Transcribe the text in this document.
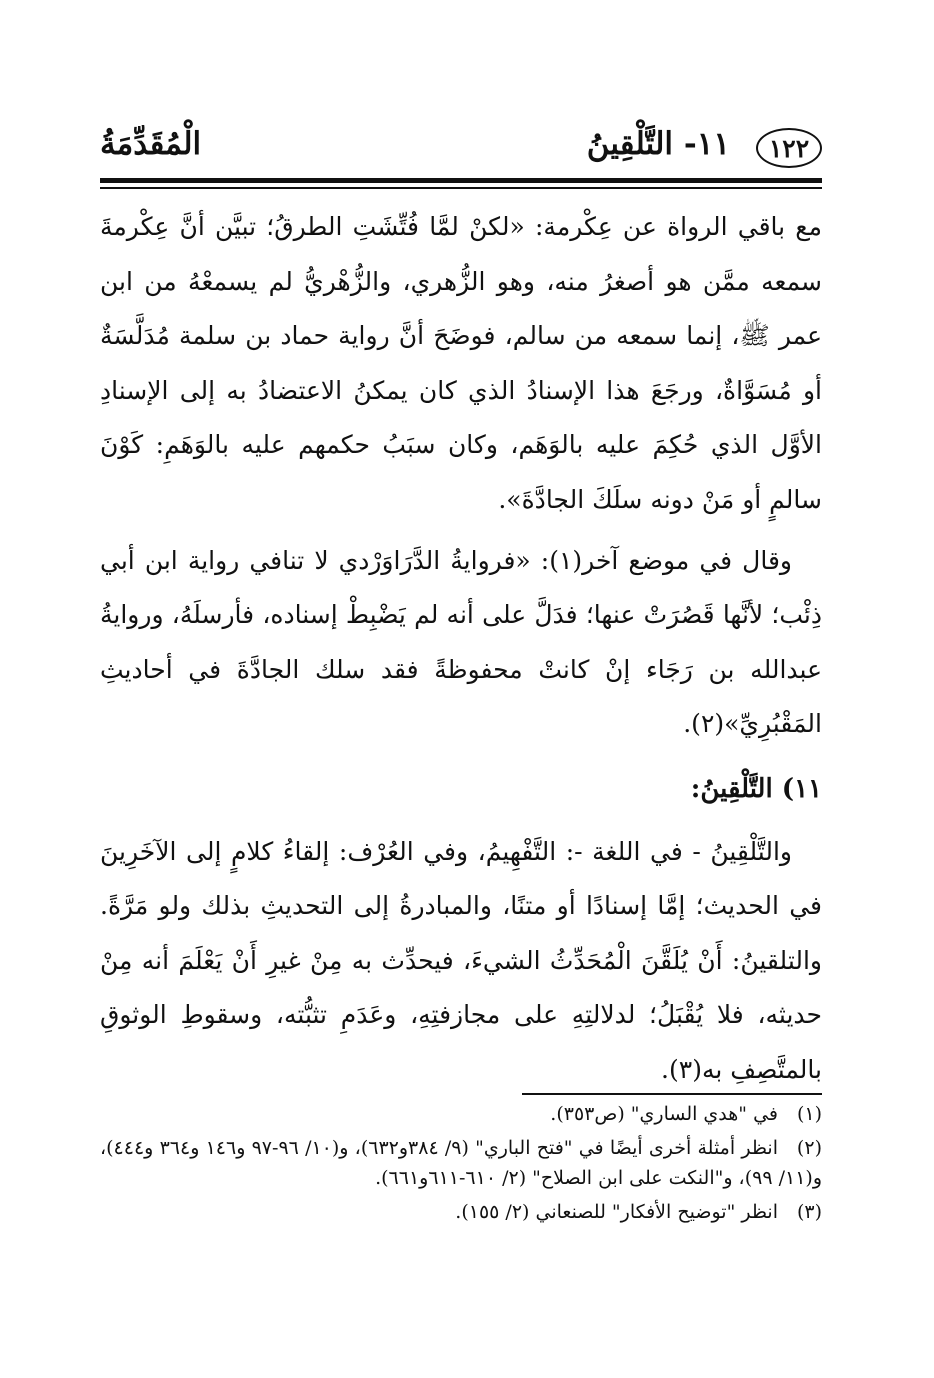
١٢٢
١١- التَّلْقِينُ
الْمُقَدِّمَةُ

مع باقي الرواة عن عِكْرمة: «لكنْ لمَّا فُتِّشَتِ الطرقُ؛ تبيَّن أنَّ عِكْرمةَ سمعه ممَّن هو أصغرُ منه، وهو الزُّهري، والزُّهْريُّ لم يسمعْهُ من ابن عمر ﷺ، إنما سمعه من سالم، فوضَحَ أنَّ رواية حماد بن سلمة مُدَلَّسَةٌ أو مُسَوَّاةٌ، ورجَعَ هذا الإسنادُ الذي كان يمكنُ الاعتضادُ به إلى الإسنادِ الأوَّل الذي حُكِمَ عليه بالوَهَم، وكان سبَبُ حكمهم عليه بالوَهَمِ: كَوْنَ سالمٍ أو مَنْ دونه سلَكَ الجادَّةَ».

وقال في موضع آخر(١): «فروايةُ الدَّرَاوَرْدي لا تنافي رواية ابن أبي ذِئْب؛ لأنَّها قَصُرَتْ عنها؛ فدَلَّ على أنه لم يَضْبِطْ إسناده، فأرسلَهُ، وروايةُ عبدالله بن رَجَاء إنْ كانتْ محفوظةً فقد سلك الجادَّةَ في أحاديثِ المَقْبُرِيِّ»(٢).

١١) التَّلْقِينُ:

والتَّلْقِينُ - في اللغة -: التَّفْهِيمُ، وفي العُرْف: إلقاءُ كلامٍ إلى الآخَرِينَ في الحديث؛ إمَّا إسنادًا أو متنًا، والمبادرةُ إلى التحديثِ بذلك ولو مَرَّةً. والتلقينُ: أَنْ يُلَقَّنَ الْمُحَدِّثُ الشيءَ، فيحدِّث به مِنْ غيرِ أَنْ يَعْلَمَ أنه مِنْ حديثه، فلا يُقْبَلُ؛ لدلالتِهِ على مجازفتِهِ، وعَدَمِ تثبُّته، وسقوطِ الوثوقِ بالمتَّصِفِ به(٣).

(١)في "هدي الساري" (ص٣٥٣).

(٢)انظر أمثلة أخرى أيضًا في "فتح الباري" (٩/ ٣٨٤و٦٣٢)، و(١٠/ ٩٦-٩٧ و١٤٦ و٣٦٤ و٤٤٤)، و(١١/ ٩٩)، و"النكت على ابن الصلاح" (٢/ ٦١٠-٦١١و٦٦١).

(٣)انظر "توضيح الأفكار" للصنعاني (٢/ ١٥٥).
